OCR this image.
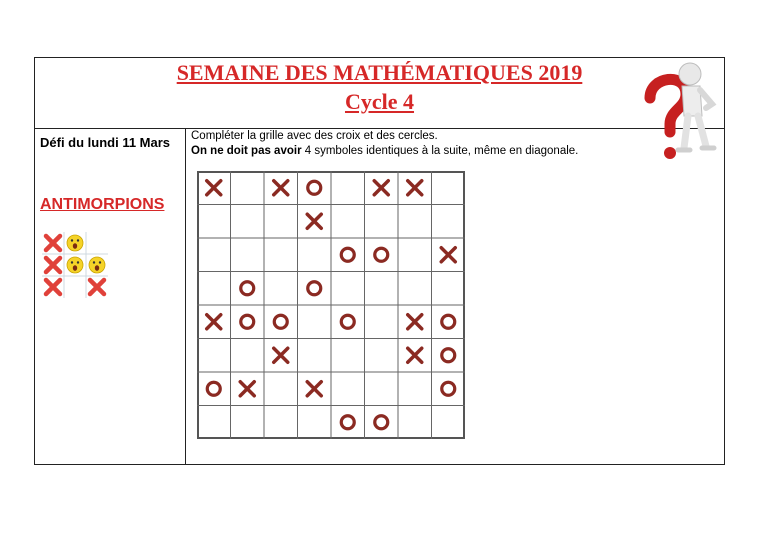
SEMAINE DES MATHÉMATIQUES 2019
Cycle 4
Défi du lundi 11 Mars
ANTIMORPIONS
Compléter la grille avec des croix et des cercles.
On ne doit pas avoir 4 symboles identiques à la suite, même en diagonale.
